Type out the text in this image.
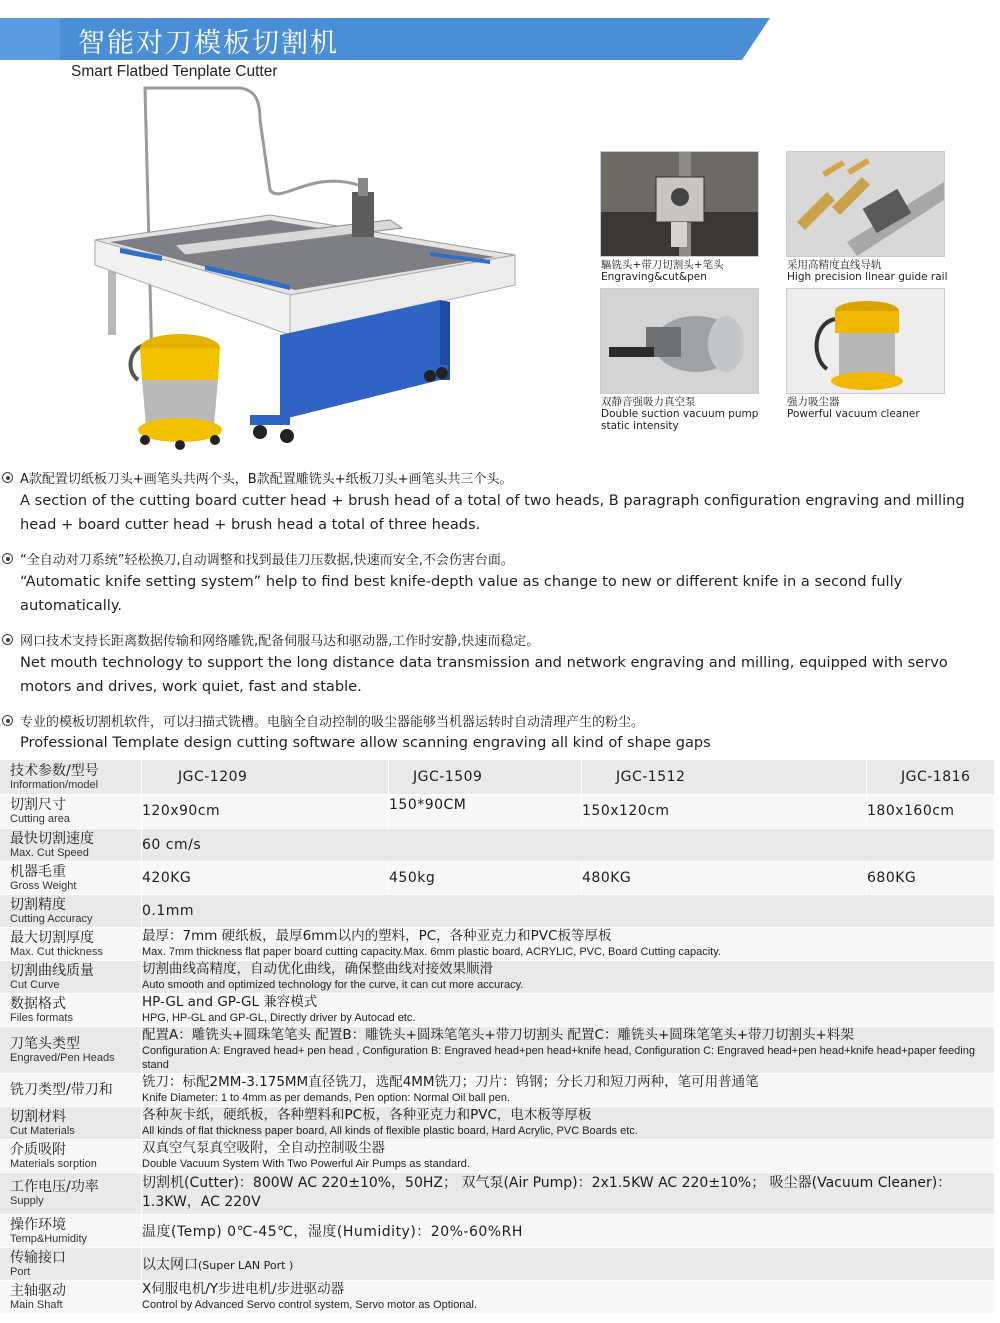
智能对刀模板切割机
Smart Flatbed Tenplate Cutter
驅铣头+带刀切割头+笔头
Engraving&cut&pen
采用高精度直线导轨
High precision linear guide rail
双静音强吸力真空泵
Double suction vacuum pump static intensity
强力吸尘器
Powerful vacuum cleaner
A款配置切纸板刀头+画笔头共两个头，B款配置雕铣头+纸板刀头+画笔头共三个头。
A section of the cutting board cutter head + brush head of a total of two heads, B paragraph configuration engraving and milling head + board cutter head + brush head a total of three heads.
“全自动对刀系统”轻松换刀,自动调整和找到最佳刀压数据,快速而安全,不会伤害台面。
“Automatic knife setting system” help to find best knife-depth value as change to new or different knife in a second fully automatically.
网口技术支持长距离数据传输和网络雕铣,配备伺服马达和驱动器,工作时安静,快速而稳定。
Net mouth technology to support the long distance data transmission and network engraving and milling, equipped with servo motors and drives, work quiet, fast and stable.
专业的模板切割机软件，可以扫描式铣槽。电脑全自动控制的吸尘器能够当机器运转时自动清理产生的粉尘。
Professional Template design cutting software allow scanning engraving all kind of shape gaps
技术参数/型号
Information/model	JGC-1209	JGC-1509	JGC-1512	JGC-1816

切割尺寸
Cutting area	120x90cm	150*90CM	150x120cm	180x160cm

最快切割速度
Max. Cut Speed	60 cm/s			

机器毛重
Gross Weight	420KG	450kg	480KG	680KG

切割精度
Cutting Accuracy	0.1mm			

最大切割厚度
Max. Cut thickness	最厚：7mm 硬纸板，最厚6mm以内的塑料，PC，各种亚克力和PVC板等厚板
Max. 7mm thickness flat paper board cutting capacity.Max. 6mm plastic board, ACRYLIC, PVC, Board Cutting capacity.			

切割曲线质量
Cut Curve	切割曲线高精度，自动优化曲线，确保整曲线对接效果顺滑
Auto smooth and optimized technology for the curve, it can cut more accuracy.			

数据格式
Files formats	HP-GL and GP-GL 兼容模式
HPG, HP-GL and GP-GL, Directly driver by Autocad etc.			

刀笔头类型
Engraved/Pen Heads	配置A：雕铣头+圆珠笔笔头 配置B：雕铣头+圆珠笔笔头+带刀切割头 配置C：雕铣头+圆珠笔笔头+带刀切割头+料架
Configuration A: Engraved head+ pen head , Configuration B: Engraved head+pen head+knife head, Configuration C: Engraved head+pen head+knife head+paper feeding stand			

铣刀类型/带刀和	铣刀：标配2MM-3.175MM直径铣刀，选配4MM铣刀；刀片：钨钢；分长刀和短刀两种，笔可用普通笔
Knife Diameter: 1 to 4mm as per demands, Pen option: Normal Oil ball pen.			

切割材料
Cut Materials	各种灰卡纸，硬纸板，各种塑料和PC板，各种亚克力和PVC，电木板等厚板
All kinds of flat thickness paper board, All kinds of flexible plastic board, Hard Acrylic, PVC Boards etc.			

介质吸附
Materials sorption	双真空气泵真空吸附，全自动控制吸尘器
Double Vacuum System With Two Powerful Air Pumps as standard.			

工作电压/功率
Supply	切割机(Cutter)：800W AC 220±10%，50HZ； 双气泵(Air Pump)：2x1.5KW AC 220±10%； 吸尘器(Vacuum Cleaner)：1.3KW，AC 220V			

操作环境
Temp&Humidity	温度(Temp) 0℃-45℃，湿度(Humidity)：20%-60%RH			

传输接口
Port	以太网口(Super LAN Port )			

主轴驱动
Main Shaft	X伺服电机/Y步进电机/步进驱动器
Control by Advanced Servo control system, Servo motor as Optional.			
